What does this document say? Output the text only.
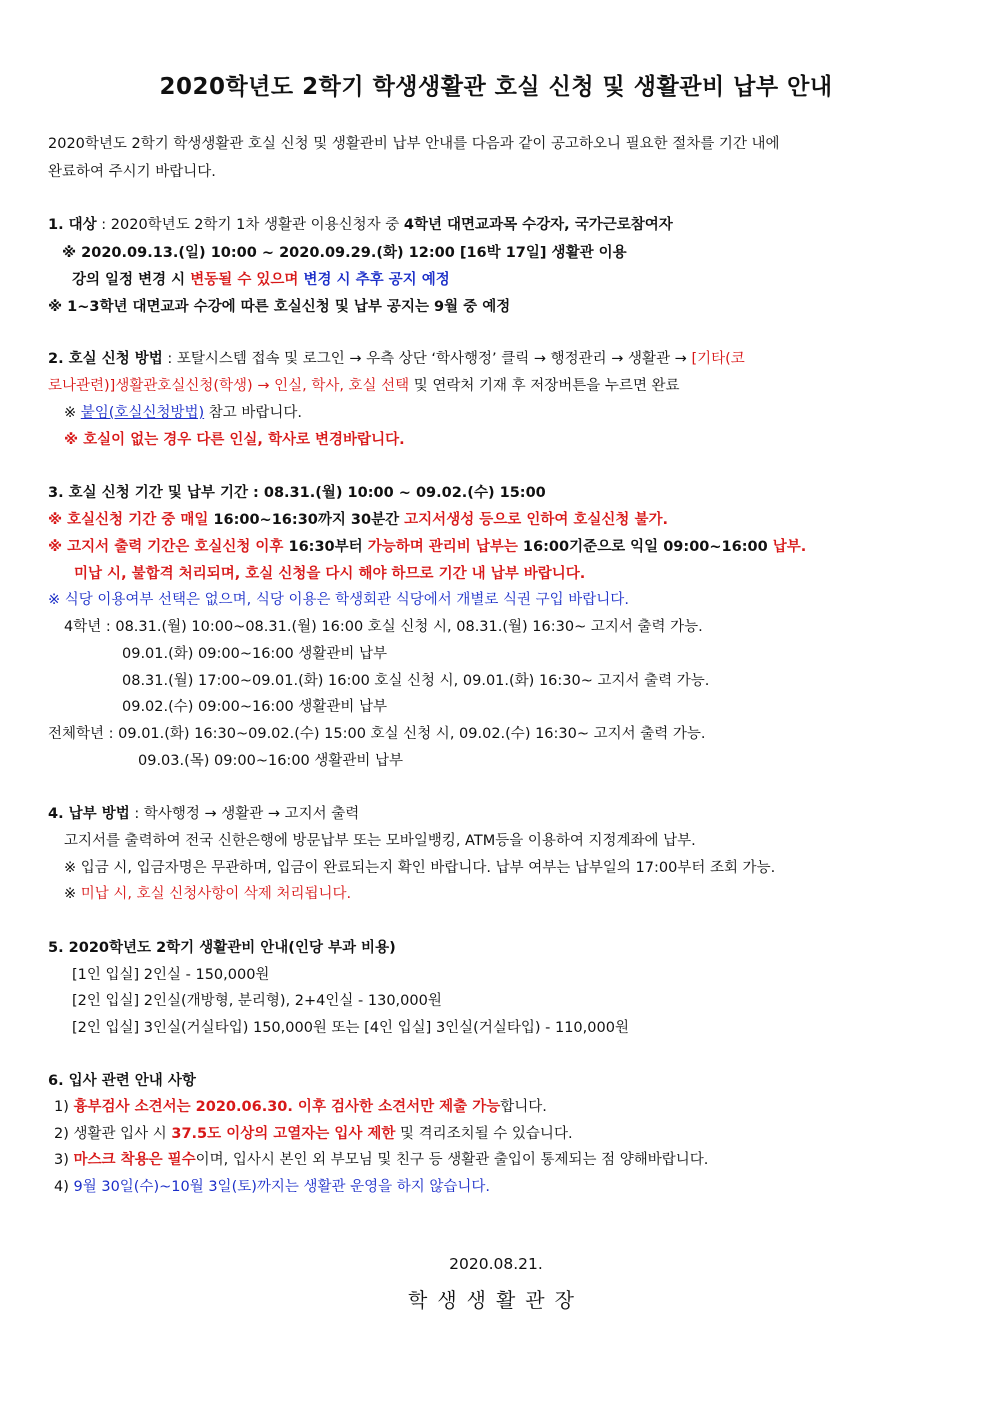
2020학년도 2학기 학생생활관 호실 신청 및 생활관비 납부 안내
2020학년도 2학기 학생생활관 호실 신청 및 생활관비 납부 안내를 다음과 같이 공고하오니 필요한 절차를 기간 내에
완료하여 주시기 바랍니다.
1. 대상 : 2020학년도 2학기 1차 생활관 이용신청자 중 4학년 대면교과목 수강자, 국가근로참여자
※ 2020.09.13.(일) 10:00 ~ 2020.09.29.(화) 12:00 [16박 17일] 생활관 이용
강의 일정 변경 시 변동될 수 있으며 변경 시 추후 공지 예정
※ 1~3학년 대면교과 수강에 따른 호실신청 및 납부 공지는 9월 중 예정
2. 호실 신청 방법 : 포탈시스템 접속 및 로그인 → 우측 상단 ‘학사행정’ 클릭 → 행정관리 → 생활관 → [기타(코
로나관련)]생활관호실신청(학생) → 인실, 학사, 호실 선택 및 연락처 기재 후 저장버튼을 누르면 완료
※ 붙임(호실신청방법) 참고 바랍니다.
※ 호실이 없는 경우 다른 인실, 학사로 변경바랍니다.
3. 호실 신청 기간 및 납부 기간 : 08.31.(월) 10:00 ~ 09.02.(수) 15:00
※ 호실신청 기간 중 매일 16:00~16:30까지 30분간 고지서생성 등으로 인하여 호실신청 불가.
※ 고지서 출력 기간은 호실신청 이후 16:30부터 가능하며 관리비 납부는 16:00기준으로 익일 09:00~16:00 납부.
미납 시, 불합격 처리되며, 호실 신청을 다시 해야 하므로 기간 내 납부 바랍니다.
※ 식당 이용여부 선택은 없으며, 식당 이용은 학생회관 식당에서 개별로 식권 구입 바랍니다.
4학년 : 08.31.(월) 10:00~08.31.(월) 16:00 호실 신청 시, 08.31.(월) 16:30~ 고지서 출력 가능.
09.01.(화) 09:00~16:00 생활관비 납부
08.31.(월) 17:00~09.01.(화) 16:00 호실 신청 시, 09.01.(화) 16:30~ 고지서 출력 가능.
09.02.(수) 09:00~16:00 생활관비 납부
전체학년 : 09.01.(화) 16:30~09.02.(수) 15:00 호실 신청 시, 09.02.(수) 16:30~ 고지서 출력 가능.
09.03.(목) 09:00~16:00 생활관비 납부
4. 납부 방법 : 학사행정 → 생활관 → 고지서 출력
고지서를 출력하여 전국 신한은행에 방문납부 또는 모바일뱅킹, ATM등을 이용하여 지정계좌에 납부.
※ 입금 시, 입금자명은 무관하며, 입금이 완료되는지 확인 바랍니다. 납부 여부는 납부일의 17:00부터 조회 가능.
※ 미납 시, 호실 신청사항이 삭제 처리됩니다.
5. 2020학년도 2학기 생활관비 안내(인당 부과 비용)
[1인 입실] 2인실 - 150,000원
[2인 입실] 2인실(개방형, 분리형), 2+4인실 - 130,000원
[2인 입실] 3인실(거실타입) 150,000원 또는 [4인 입실] 3인실(거실타입) - 110,000원
6. 입사 관련 안내 사항
1) 흉부검사 소견서는 2020.06.30. 이후 검사한 소견서만 제출 가능합니다.
2) 생활관 입사 시 37.5도 이상의 고열자는 입사 제한 및 격리조치될 수 있습니다.
3) 마스크 착용은 필수이며, 입사시 본인 외 부모님 및 친구 등 생활관 출입이 통제되는 점 양해바랍니다.
4) 9월 30일(수)~10월 3일(토)까지는 생활관 운영을 하지 않습니다.
2020.08.21.
학생생활관장
